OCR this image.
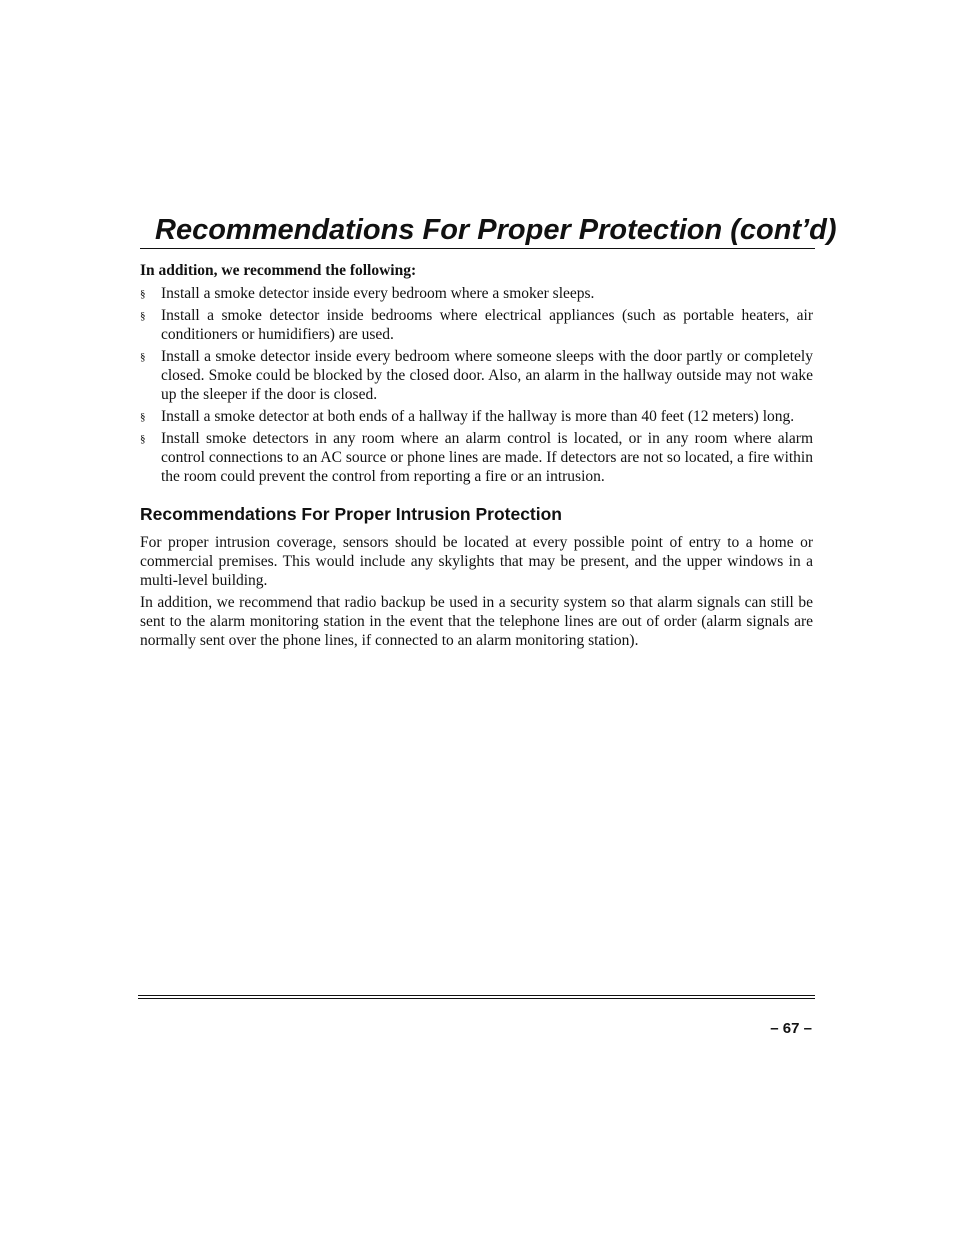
Recommendations For Proper Protection (cont’d)

In addition, we recommend the following:

§ Install a smoke detector inside every bedroom where a smoker sleeps.
§ Install a smoke detector inside bedrooms where electrical appliances (such as portable heaters, air conditioners or humidifiers) are used.
§ Install a smoke detector inside every bedroom where someone sleeps with the door partly or completely closed. Smoke could be blocked by the closed door. Also, an alarm in the hallway outside may not wake up the sleeper if the door is closed.
§ Install a smoke detector at both ends of a hallway if the hallway is more than 40 feet (12 meters) long.
§ Install smoke detectors in any room where an alarm control is located, or in any room where alarm control connections to an AC source or phone lines are made. If detectors are not so located, a fire within the room could prevent the control from reporting a fire or an intrusion.
Recommendations For Proper Intrusion Protection

For proper intrusion coverage, sensors should be located at every possible point of entry to a home or commercial premises. This would include any skylights that may be present, and the upper windows in a multi-level building.

In addition, we recommend that radio backup be used in a security system so that alarm signals can still be sent to the alarm monitoring station in the event that the telephone lines are out of order (alarm signals are normally sent over the phone lines, if connected to an alarm monitoring station).

– 67 –
